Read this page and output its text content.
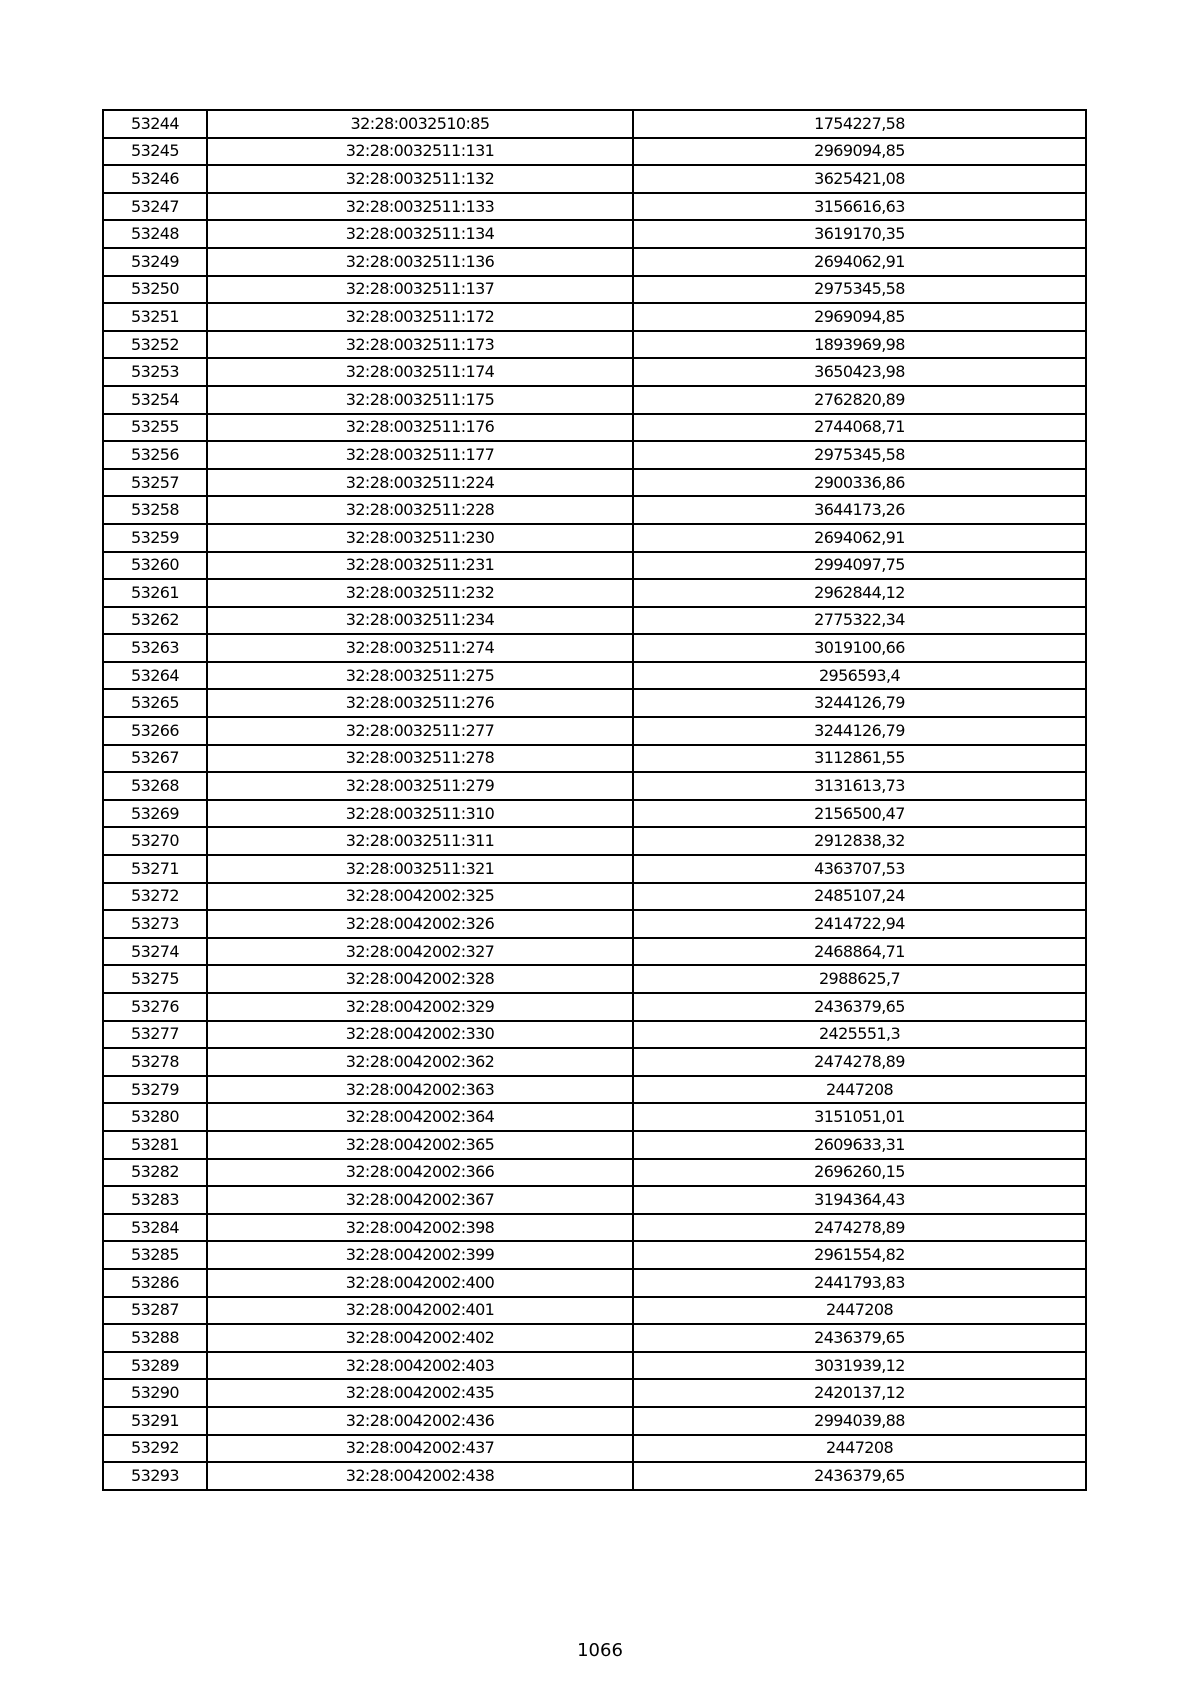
53244	32:28:0032510:85	1754227,58
53245	32:28:0032511:131	2969094,85
53246	32:28:0032511:132	3625421,08
53247	32:28:0032511:133	3156616,63
53248	32:28:0032511:134	3619170,35
53249	32:28:0032511:136	2694062,91
53250	32:28:0032511:137	2975345,58
53251	32:28:0032511:172	2969094,85
53252	32:28:0032511:173	1893969,98
53253	32:28:0032511:174	3650423,98
53254	32:28:0032511:175	2762820,89
53255	32:28:0032511:176	2744068,71
53256	32:28:0032511:177	2975345,58
53257	32:28:0032511:224	2900336,86
53258	32:28:0032511:228	3644173,26
53259	32:28:0032511:230	2694062,91
53260	32:28:0032511:231	2994097,75
53261	32:28:0032511:232	2962844,12
53262	32:28:0032511:234	2775322,34
53263	32:28:0032511:274	3019100,66
53264	32:28:0032511:275	2956593,4
53265	32:28:0032511:276	3244126,79
53266	32:28:0032511:277	3244126,79
53267	32:28:0032511:278	3112861,55
53268	32:28:0032511:279	3131613,73
53269	32:28:0032511:310	2156500,47
53270	32:28:0032511:311	2912838,32
53271	32:28:0032511:321	4363707,53
53272	32:28:0042002:325	2485107,24
53273	32:28:0042002:326	2414722,94
53274	32:28:0042002:327	2468864,71
53275	32:28:0042002:328	2988625,7
53276	32:28:0042002:329	2436379,65
53277	32:28:0042002:330	2425551,3
53278	32:28:0042002:362	2474278,89
53279	32:28:0042002:363	2447208
53280	32:28:0042002:364	3151051,01
53281	32:28:0042002:365	2609633,31
53282	32:28:0042002:366	2696260,15
53283	32:28:0042002:367	3194364,43
53284	32:28:0042002:398	2474278,89
53285	32:28:0042002:399	2961554,82
53286	32:28:0042002:400	2441793,83
53287	32:28:0042002:401	2447208
53288	32:28:0042002:402	2436379,65
53289	32:28:0042002:403	3031939,12
53290	32:28:0042002:435	2420137,12
53291	32:28:0042002:436	2994039,88
53292	32:28:0042002:437	2447208
53293	32:28:0042002:438	2436379,65
1066
